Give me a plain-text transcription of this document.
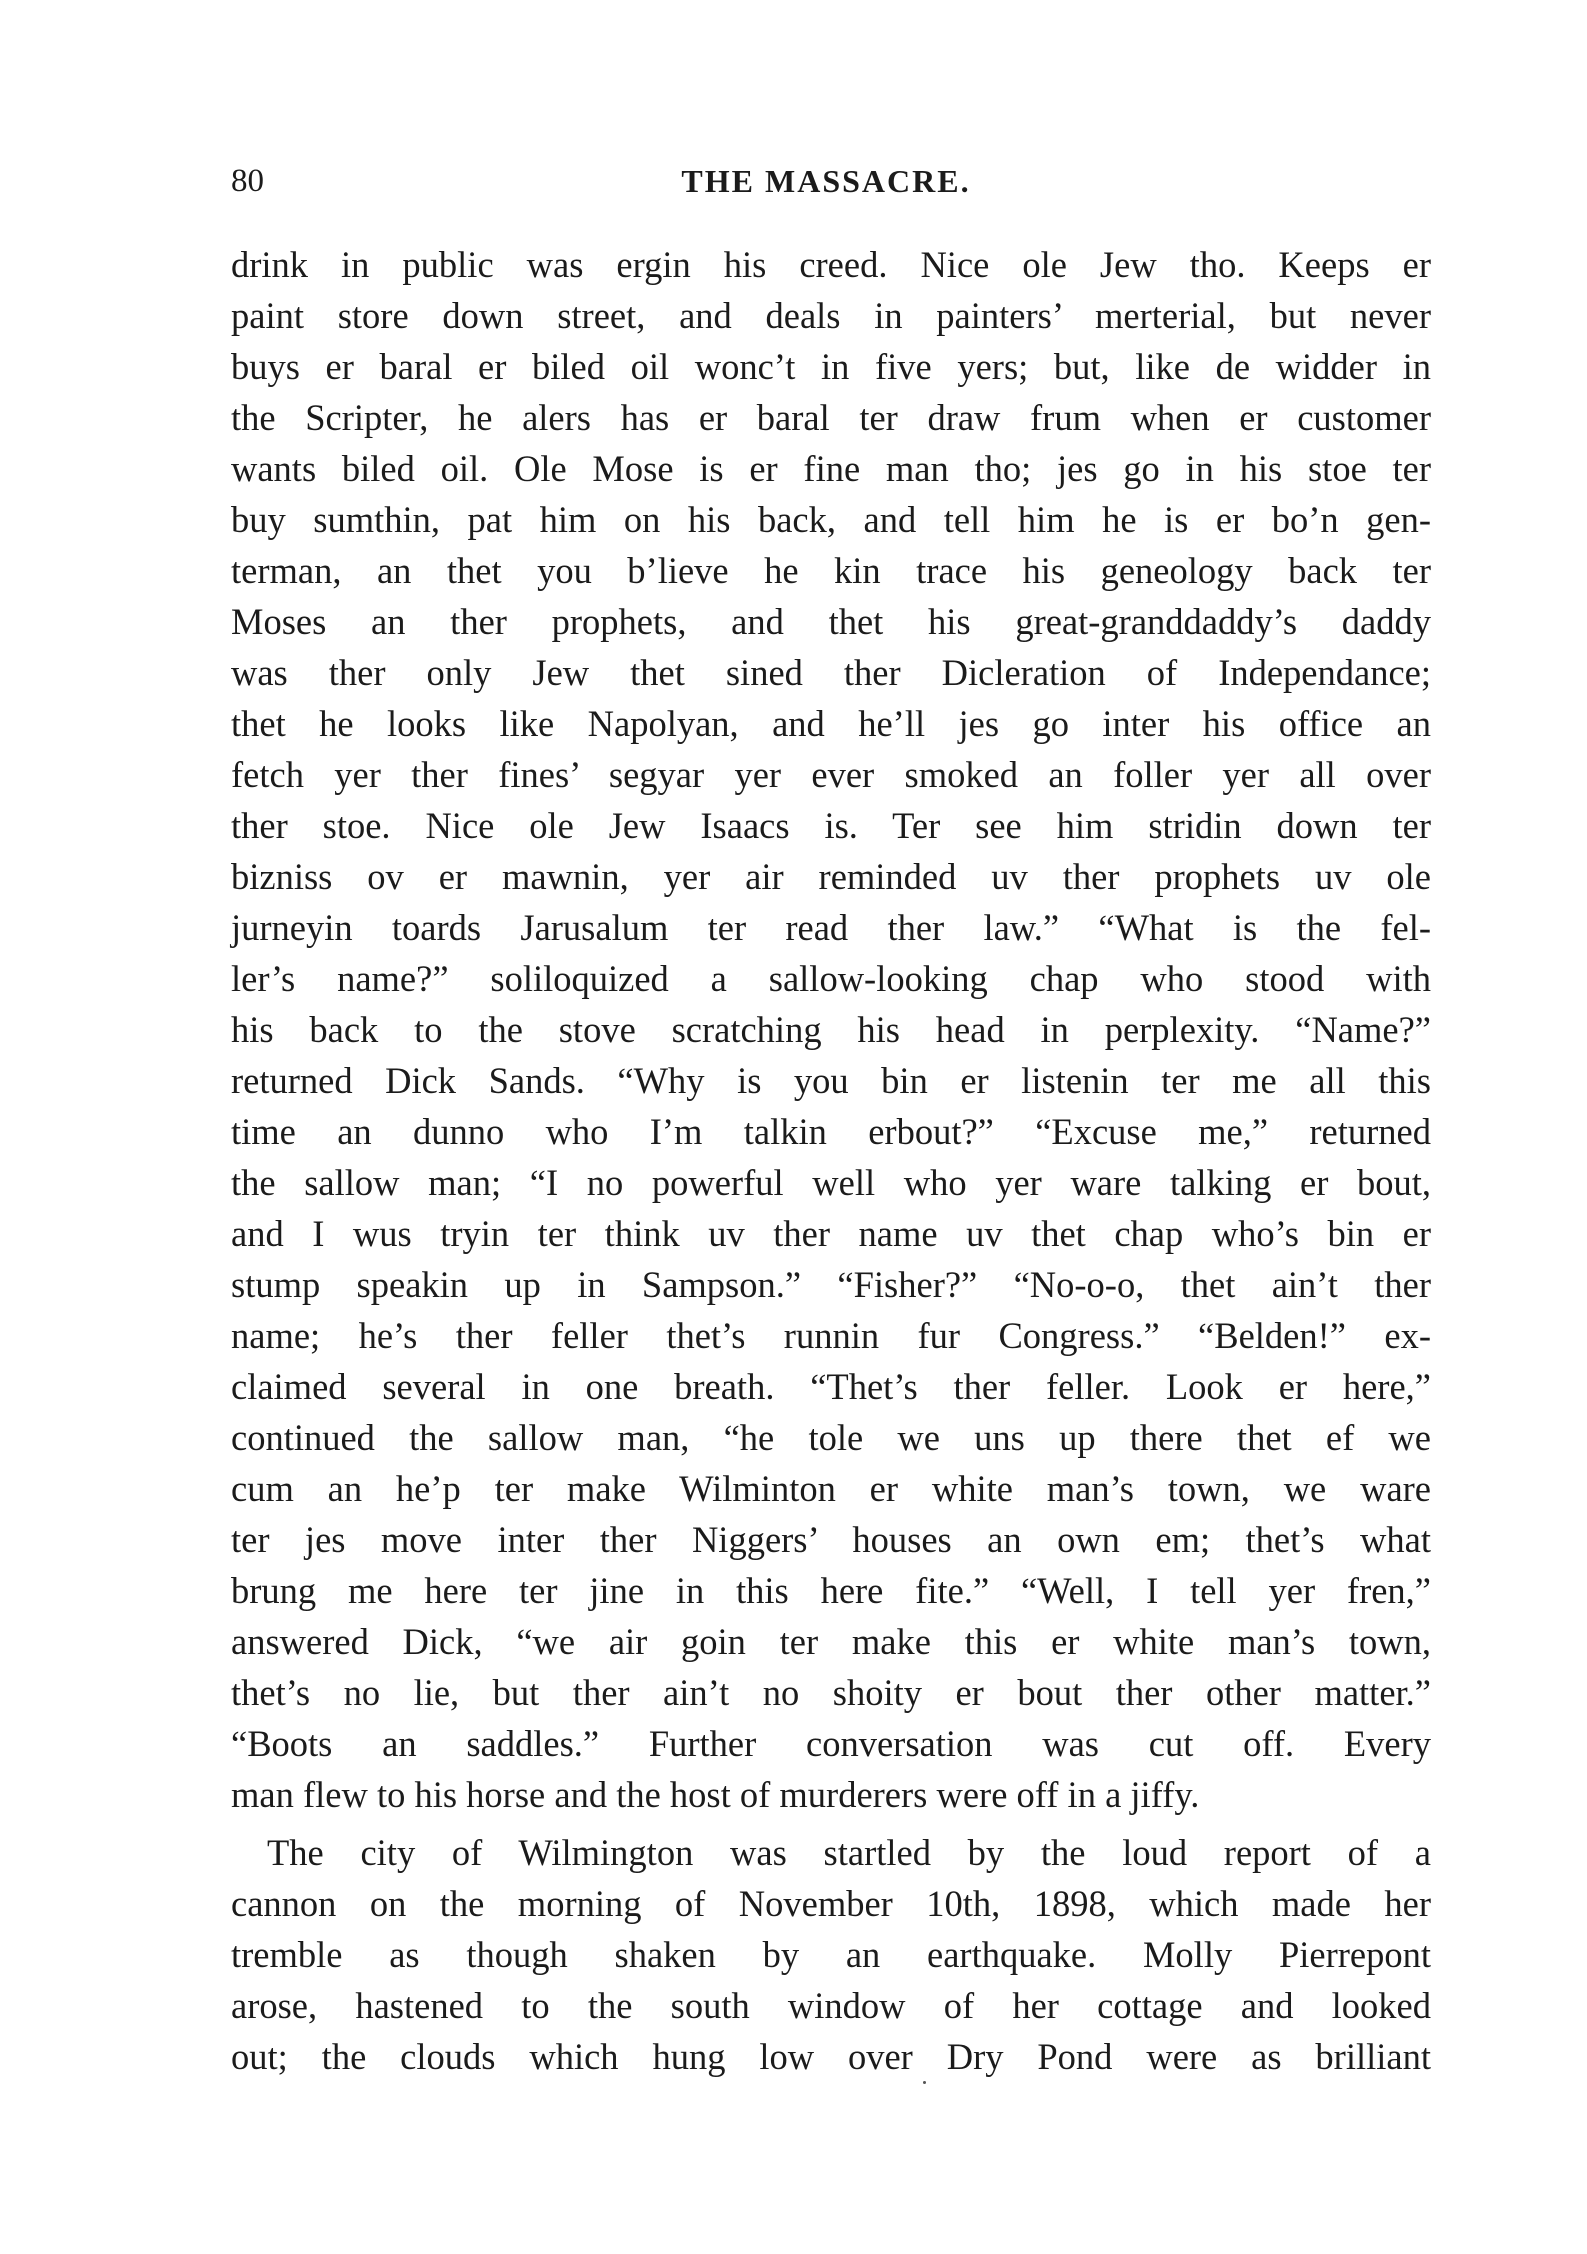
80	THE MASSACRE.
drink in public was ergin his creed. Nice ole Jew tho. Keeps er
paint store down street, and deals in painters’ merterial, but never
buys er baral er biled oil wonc’t in five yers; but, like de widder in
the Scripter, he alers has er baral ter draw frum when er customer
wants biled oil. Ole Mose is er fine man tho; jes go in his stoe ter
buy sumthin, pat him on his back, and tell him he is er bo’n gen-
terman, an thet you b’lieve he kin trace his geneology back ter
Moses an ther prophets, and thet his great-granddaddy’s daddy
was ther only Jew thet sined ther Dicleration of Independance;
thet he looks like Napolyan, and he’ll jes go inter his office an
fetch yer ther fines’ segyar yer ever smoked an foller yer all over
ther stoe. Nice ole Jew Isaacs is. Ter see him stridin down ter
bizniss ov er mawnin, yer air reminded uv ther prophets uv ole
jurneyin toards Jarusalum ter read ther law.” “What is the fel-
ler’s name?” soliloquized a sallow-looking chap who stood with
his back to the stove scratching his head in perplexity. “Name?”
returned Dick Sands. “Why is you bin er listenin ter me all this
time an dunno who I’m talkin erbout?” “Excuse me,” returned
the sallow man; “I no powerful well who yer ware talking er bout,
and I wus tryin ter think uv ther name uv thet chap who’s bin er
stump speakin up in Sampson.” “Fisher?” “No-o-o, thet ain’t ther
name; he’s ther feller thet’s runnin fur Congress.” “Belden!” ex-
claimed several in one breath. “Thet’s ther feller. Look er here,”
continued the sallow man, “he tole we uns up there thet ef we
cum an he’p ter make Wilminton er white man’s town, we ware
ter jes move inter ther Niggers’ houses an own em; thet’s what
brung me here ter jine in this here fite.” “Well, I tell yer fren,”
answered Dick, “we air goin ter make this er white man’s town,
thet’s no lie, but ther ain’t no shoity er bout ther other matter.”
“Boots an saddles.” Further conversation was cut off. Every
man flew to his horse and the host of murderers were off in a jiffy.
The city of Wilmington was startled by the loud report of a
cannon on the morning of November 10th, 1898, which made her
tremble as though shaken by an earthquake. Molly Pierrepont
arose, hastened to the south window of her cottage and looked
out; the clouds which hung low over Dry Pond were as brilliant
